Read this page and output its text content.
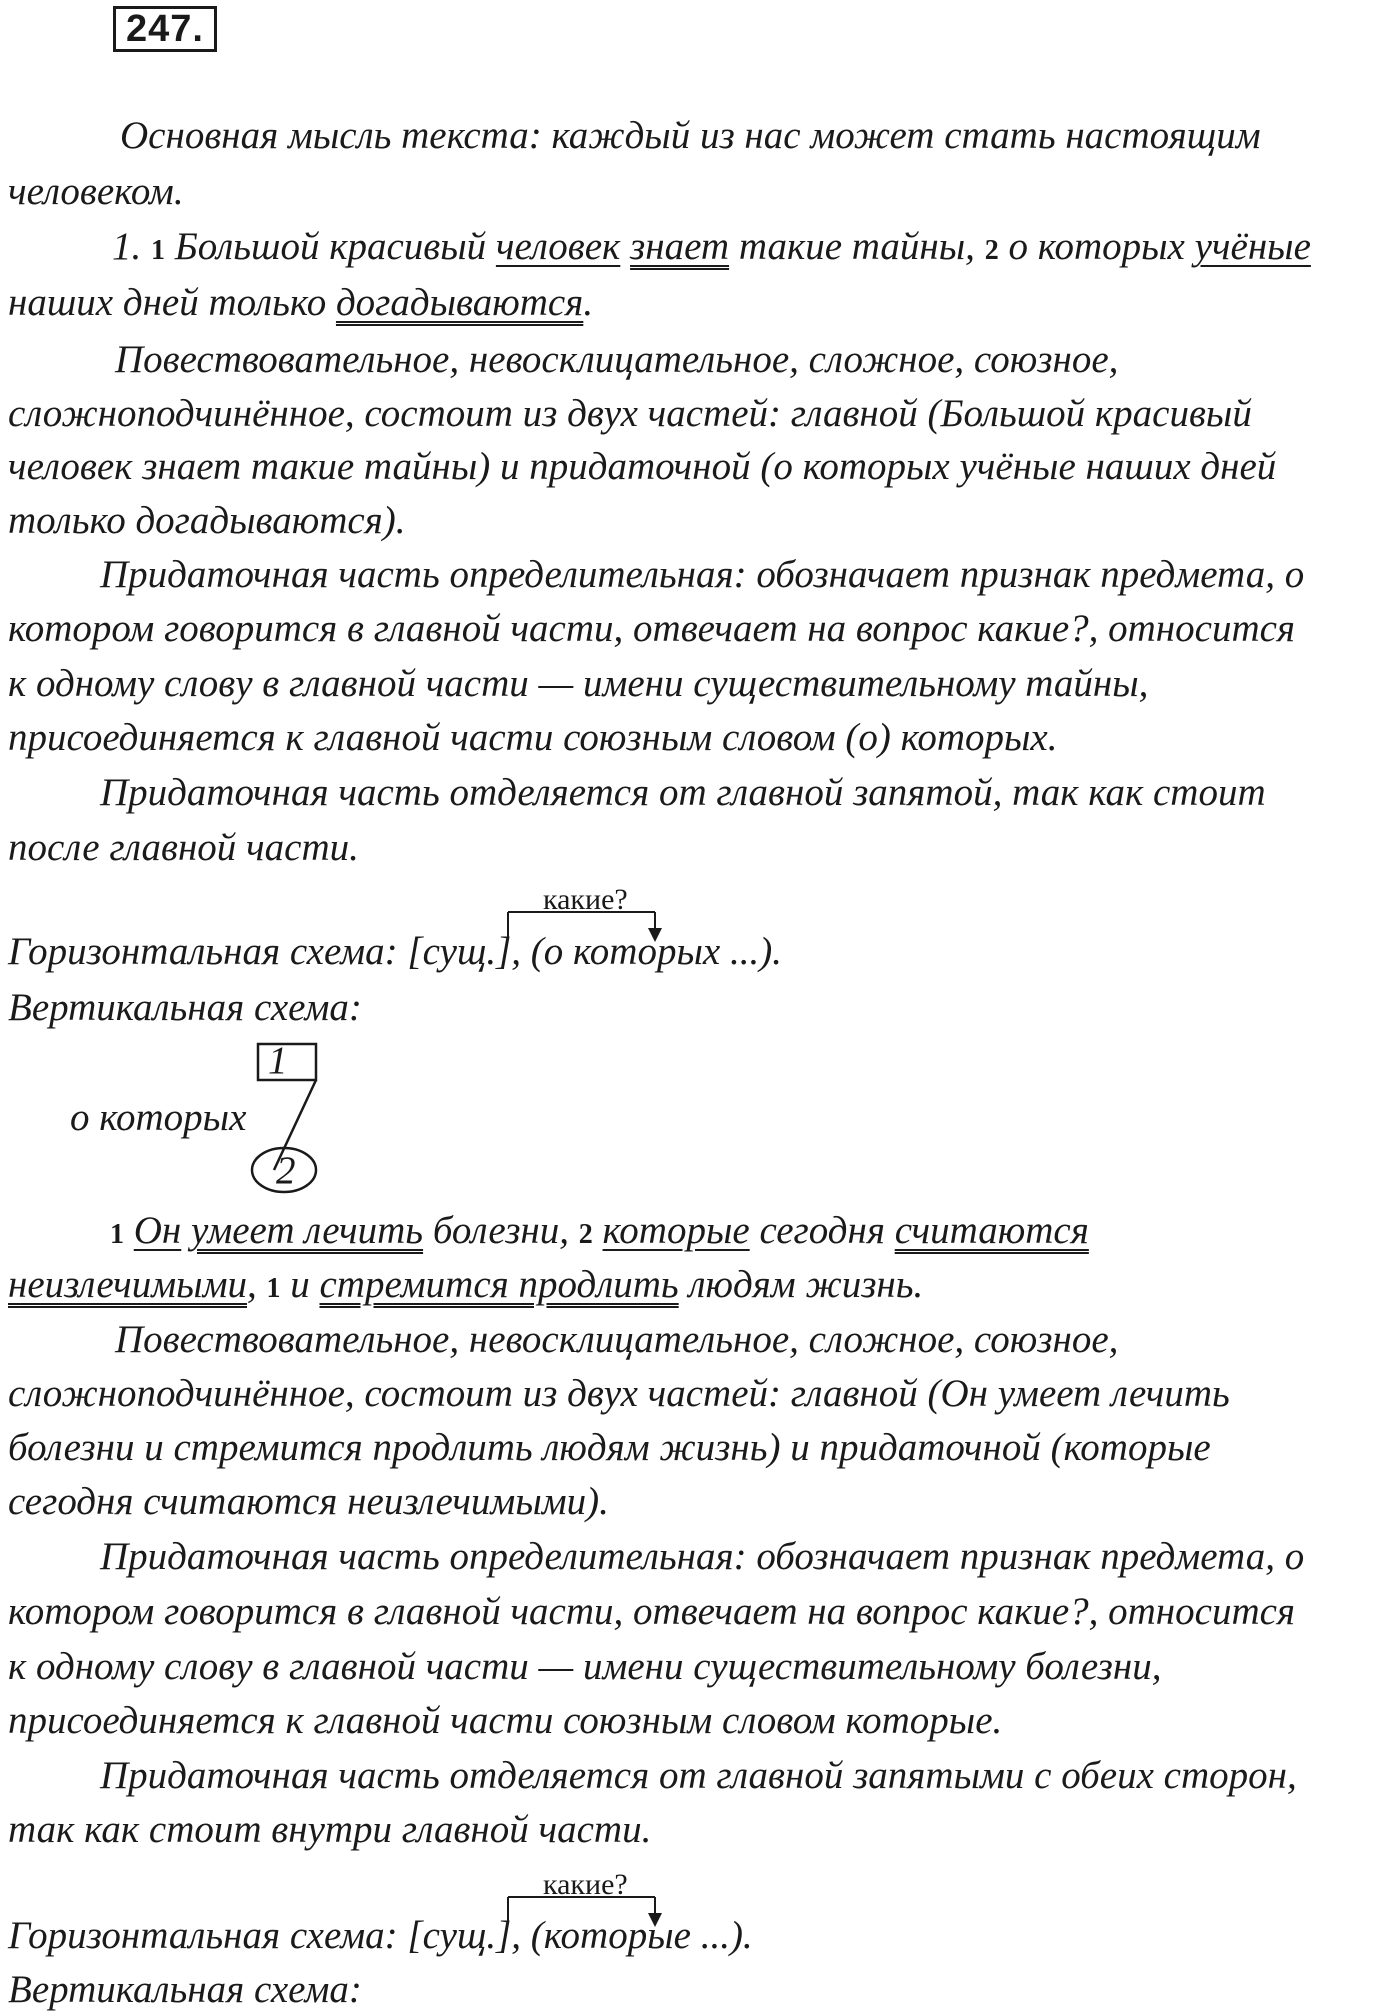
247.
Основная мысль текста: каждый из нас может стать настоящим
человеком.
1. 1 Большой красивый человек знает такие тайны, 2 о которых учёные
наших дней только догадываются.
Повествовательное, невосклицательное, сложное, союзное,
сложноподчинённое, состоит из двух частей: главной (Большой красивый
человек знает такие тайны) и придаточной (о которых учёные наших дней
только догадываются).
Придаточная часть определительная: обозначает признак предмета, о
котором говорится в главной части, отвечает на вопрос какие?, относится
к одному слову в главной части — имени существительному тайны,
присоединяется к главной части союзным словом (о) которых.
Придаточная часть отделяется от главной запятой, так как стоит
после главной части.
какие?
Горизонтальная схема: [сущ.], (о которых ...).
Вертикальная схема:
1
о которых
2
1 Он умеет лечить болезни, 2 которые сегодня считаются
неизлечимыми, 1 и стремится продлить людям жизнь.
Повествовательное, невосклицательное, сложное, союзное,
сложноподчинённое, состоит из двух частей: главной (Он умеет лечить
болезни и стремится продлить людям жизнь) и придаточной (которые
сегодня считаются неизлечимыми).
Придаточная часть определительная: обозначает признак предмета, о
котором говорится в главной части, отвечает на вопрос какие?, относится
к одному слову в главной части — имени существительному болезни,
присоединяется к главной части союзным словом которые.
Придаточная часть отделяется от главной запятыми с обеих сторон,
так как стоит внутри главной части.
какие?
Горизонтальная схема: [сущ.], (которые ...).
Вертикальная схема:
